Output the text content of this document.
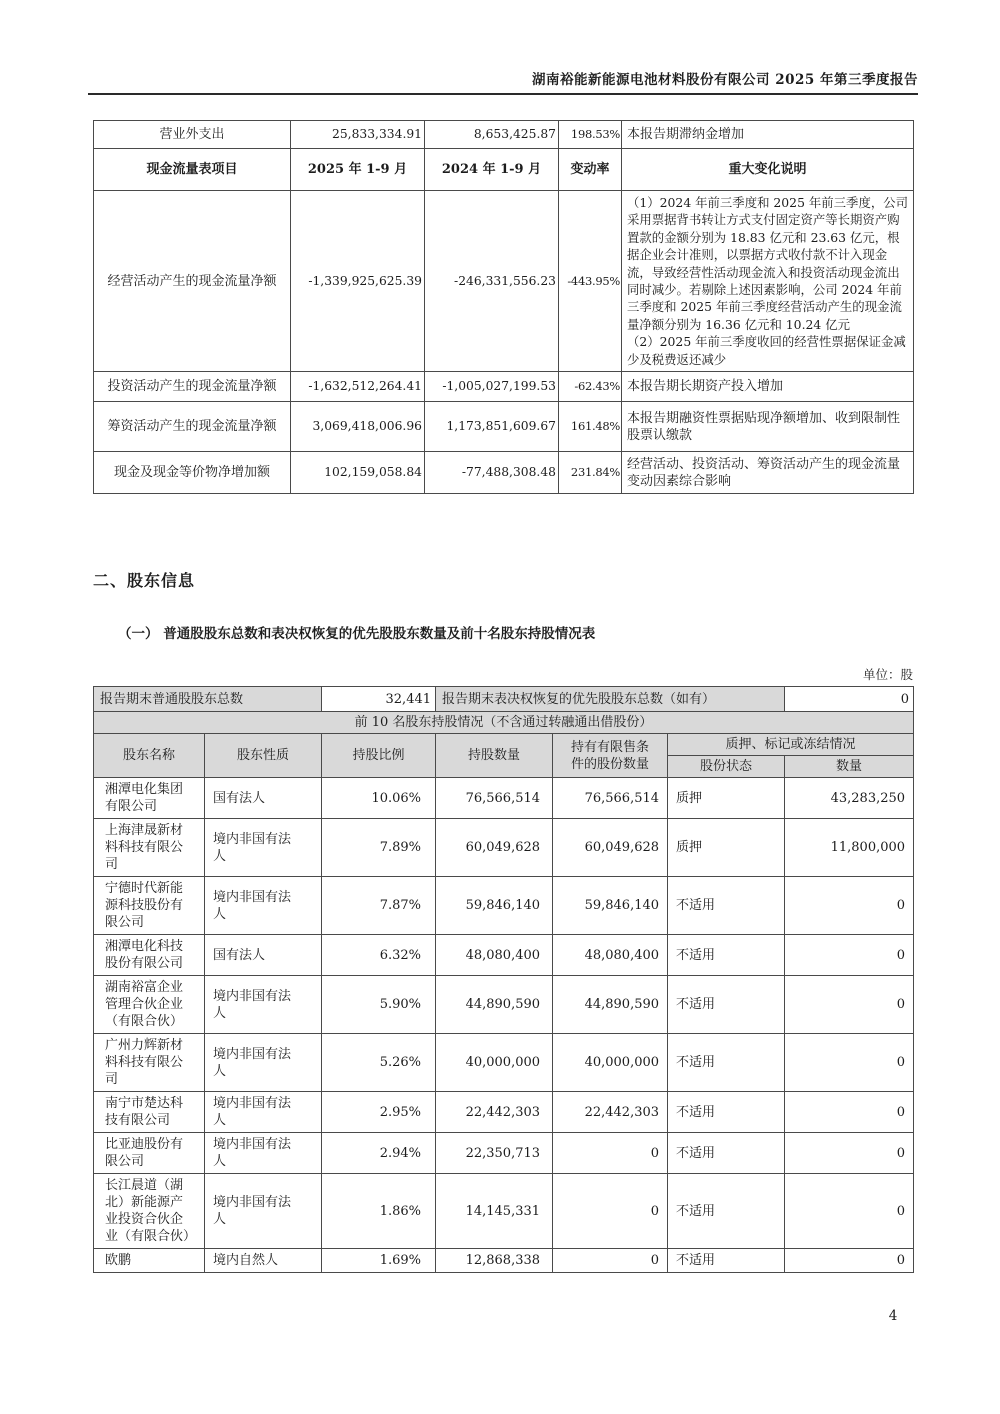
湖南裕能新能源电池材料股份有限公司 2025 年第三季度报告
营业外支出	25,833,334.91	8,653,425.87	198.53%	本报告期滞纳金增加
现金流量表项目	2025 年 1-9 月	2024 年 1-9 月	变动率	重大变化说明
经营活动产生的现金流量净额	-1,339,925,625.39	-246,331,556.23	-443.95%	（1）2024 年前三季度和 2025 年前三季度，公司采用票据背书转让方式支付固定资产等长期资产购置款的金额分别为 18.83 亿元和 23.63 亿元，根据企业会计准则，以票据方式收付款不计入现金流，导致经营性活动现金流入和投资活动现金流出同时减少。若剔除上述因素影响，公司 2024 年前三季度和 2025 年前三季度经营活动产生的现金流量净额分别为 16.36 亿元和 10.24 亿元

（2）2025 年前三季度收回的经营性票据保证金减少及税费返还减少

投资活动产生的现金流量净额	-1,632,512,264.41	-1,005,027,199.53	-62.43%	本报告期长期资产投入增加
筹资活动产生的现金流量净额	3,069,418,006.96	1,173,851,609.67	161.48%	本报告期融资性票据贴现净额增加、收到限制性股票认缴款
现金及现金等价物净增加额	102,159,058.84	-77,488,308.48	231.84%	经营活动、投资活动、筹资活动产生的现金流量变动因素综合影响
二、股东信息
（一） 普通股股东总数和表决权恢复的优先股股东数量及前十名股东持股情况表
单位：股
报告期末普通股股东总数		32,441	报告期末表决权恢复的优先股股东总数（如有）			0
前 10 名股东持股情况（不含通过转融通出借股份）						
股东名称	股东性质	持股比例	持股数量	持有有限售条件的股份数量	质押、标记或冻结情况	
					股份状态	数量
湘潭电化集团有限公司	国有法人	10.06%	76,566,514	76,566,514	质押	43,283,250
上海津晟新材料科技有限公司	境内非国有法人	7.89%	60,049,628	60,049,628	质押	11,800,000
宁德时代新能源科技股份有限公司	境内非国有法人	7.87%	59,846,140	59,846,140	不适用	0
湘潭电化科技股份有限公司	国有法人	6.32%	48,080,400	48,080,400	不适用	0
湖南裕富企业管理合伙企业（有限合伙）	境内非国有法人	5.90%	44,890,590	44,890,590	不适用	0
广州力辉新材料科技有限公司	境内非国有法人	5.26%	40,000,000	40,000,000	不适用	0
南宁市楚达科技有限公司	境内非国有法人	2.95%	22,442,303	22,442,303	不适用	0
比亚迪股份有限公司	境内非国有法人	2.94%	22,350,713	0	不适用	0
长江晨道（湖北）新能源产业投资合伙企业（有限合伙）	境内非国有法人	1.86%	14,145,331	0	不适用	0
欧鹏	境内自然人	1.69%	12,868,338	0	不适用	0
4
